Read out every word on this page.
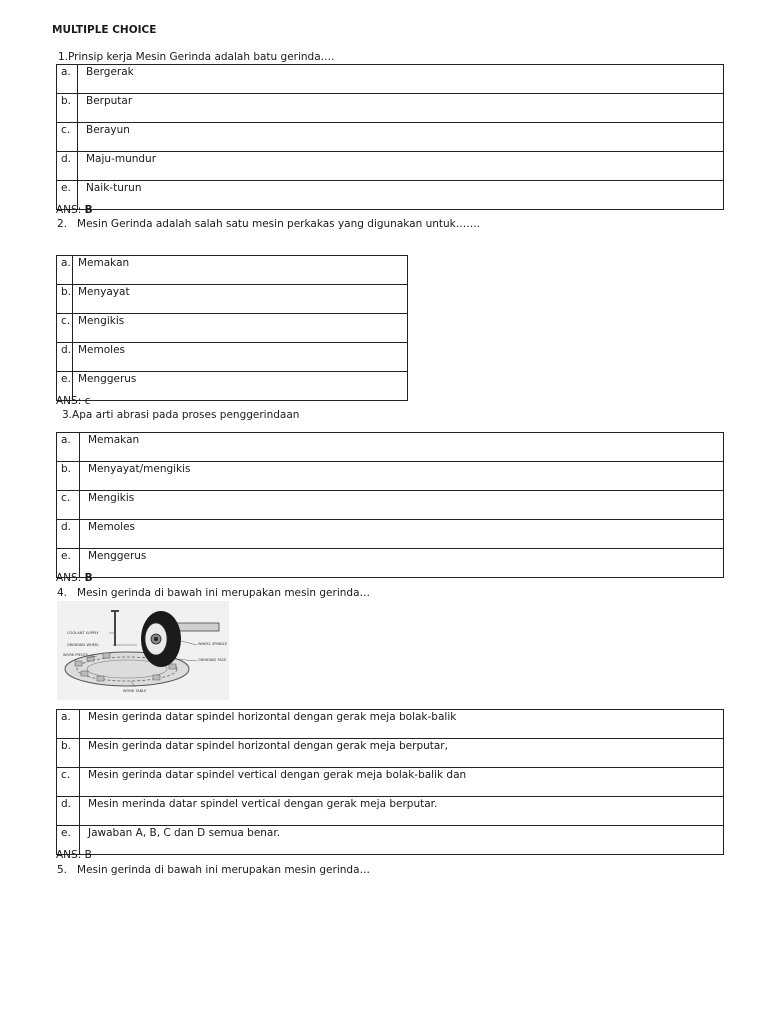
MULTIPLE CHOICE
1.Prinsip kerja Mesin Gerinda adalah batu gerinda….
a.	Bergerak
b.	Berputar
c.	Berayun
d.	Maju-mundur
e.	Naik-turun
ANS: B
2. Mesin Gerinda adalah salah satu mesin perkakas yang digunakan untuk…….
a.	Memakan
b.	Menyayat
c.	Mengikis
d.	Memoles
e.	Menggerus
ANS: c
3.Apa arti abrasi pada proses penggerindaan
a.	Memakan
b.	Menyayat/mengikis
c.	Mengikis
d.	Memoles
e.	Menggerus
ANS: B
4. Mesin gerinda di bawah ini merupakan mesin gerinda…
COOLANT SUPPLY
GRINDING WHEEL
WORK PIECES
WHEEL SPINDLE
GRINDING FACE
WORK TABLE
a.	Mesin gerinda datar spindel horizontal dengan gerak meja bolak-balik
b.	Mesin gerinda datar spindel horizontal dengan gerak meja berputar,
c.	Mesin gerinda datar spindel vertical dengan gerak meja bolak-balik dan
d.	Mesin merinda datar spindel vertical dengan gerak meja berputar.
e.	Jawaban A, B, C dan D semua benar.
ANS: B
5. Mesin gerinda di bawah ini merupakan mesin gerinda…
